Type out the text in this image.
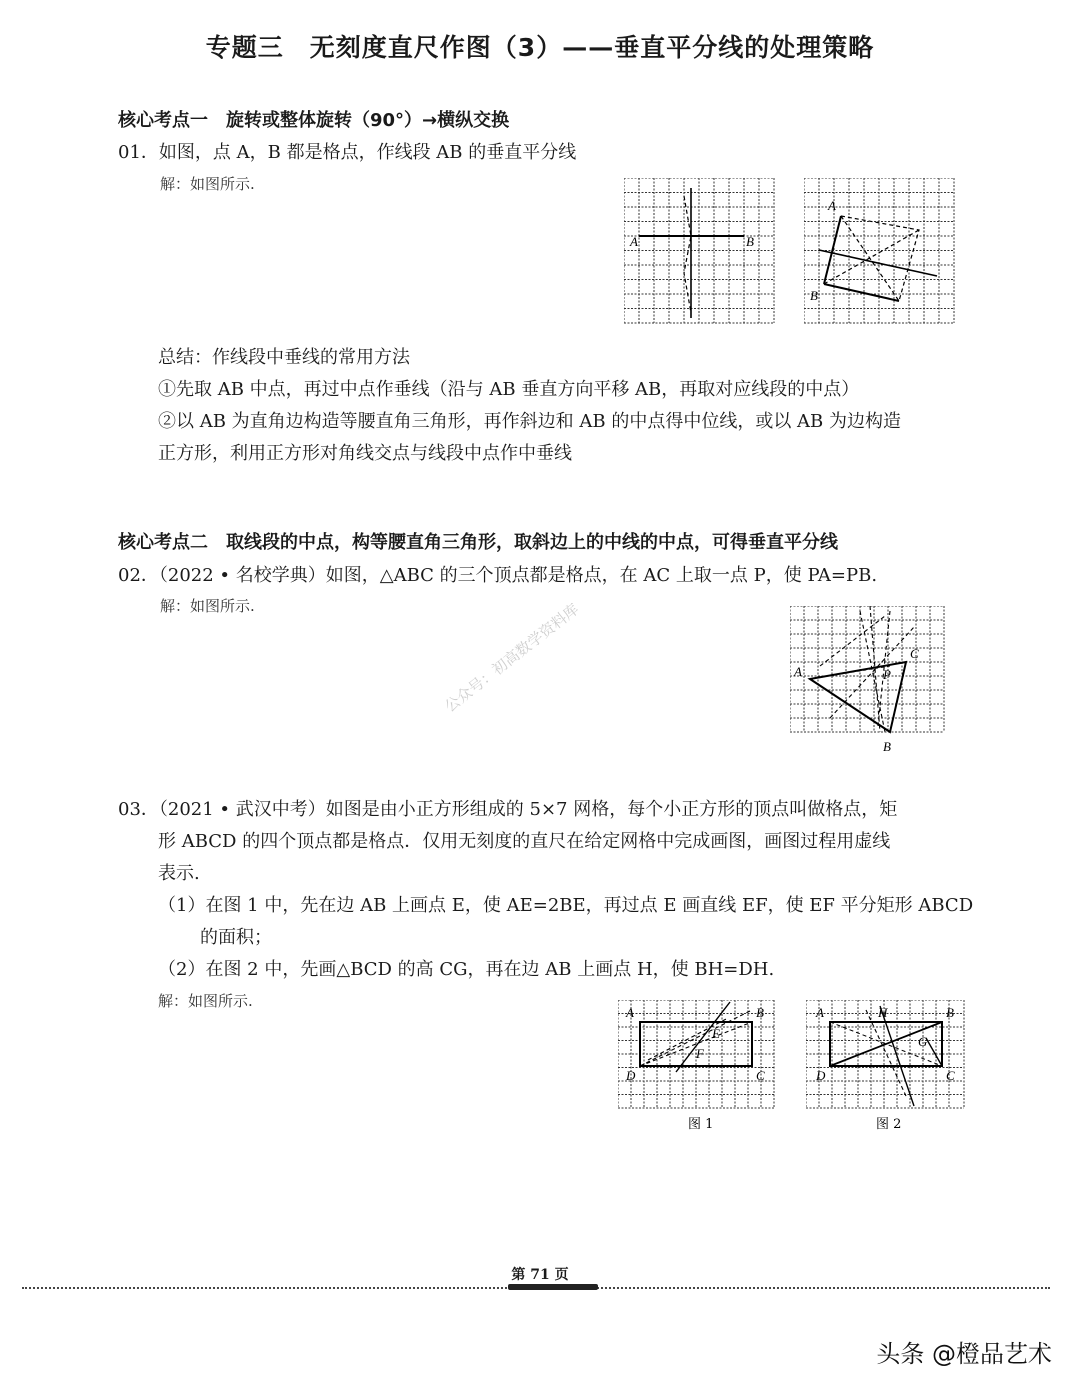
专题三　无刻度直尺作图（3）——垂直平分线的处理策略
核心考点一　旋转或整体旋转（90°）→横纵交换
01．如图，点 A，B 都是格点，作线段 AB 的垂直平分线
解：如图所示.
A	B
A
B
总结：作线段中垂线的常用方法
①先取 AB 中点，再过中点作垂线（沿与 AB 垂直方向平移 AB，再取对应线段的中点）
②以 AB 为直角边构造等腰直角三角形，再作斜边和 AB 的中点得中位线，或以 AB 为边构造
正方形，利用正方形对角线交点与线段中点作中垂线
核心考点二　取线段的中点，构等腰直角三角形，取斜边上的中线的中点，可得垂直平分线
02．（2022 • 名校学典）如图，△ABC 的三个顶点都是格点，在 AC 上取一点 P，使 PA=PB.
解：如图所示.
A
B
C
P
公众号：初高数学资料库
03．（2021 • 武汉中考）如图是由小正方形组成的 5×7 网格，每个小正方形的顶点叫做格点，矩
形 ABCD 的四个顶点都是格点．仅用无刻度的直尺在给定网格中完成画图，画图过程用虚线
表示.
（1）在图 1 中，先在边 AB 上画点 E，使 AE=2BE，再过点 E 画直线 EF，使 EF 平分矩形 ABCD
的面积；
（2）在图 2 中，先画△BCD 的高 CG，再在边 AB 上画点 H，使 BH=DH.
解：如图所示.
A	B
C
D
E
F
图 1
A	B
C
D
G
H
图 2
第 71 页
头条 @橙品艺术
